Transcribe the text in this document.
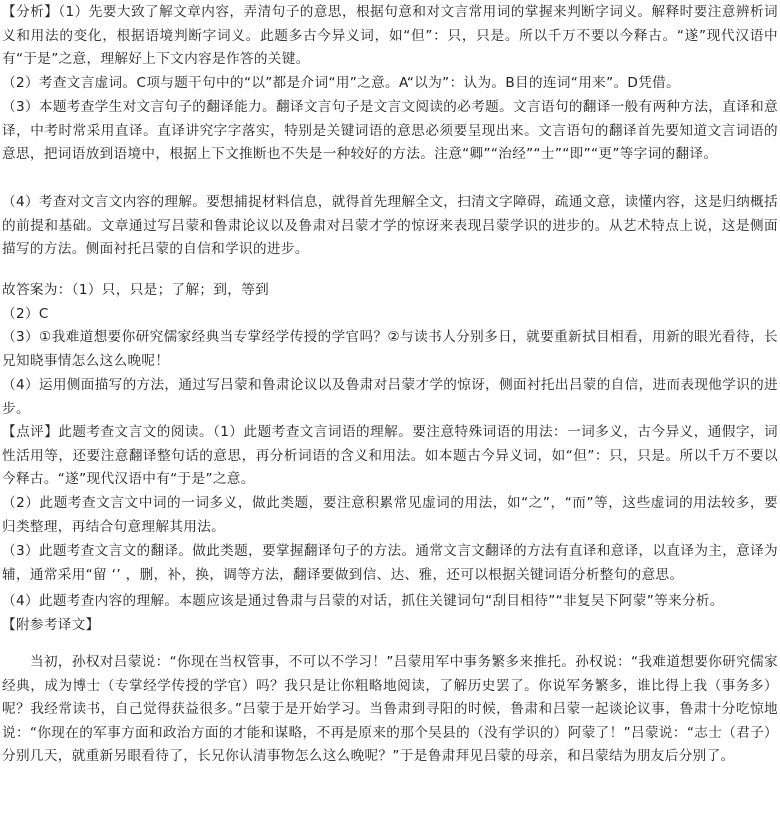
【分析】（1）先要大致了解文章内容，弄清句子的意思，根据句意和对文言常用词的掌握来判断字词义。解释时要注意辨析词义和用法的变化，根据语境判断字词义。此题多古今异义词，如“但”：只，只是。所以千万不要以今释古。“遂”现代汉语中有“于是”之意，理解好上下文内容是作答的关键。

（2）考查文言虚词。C项与题干句中的“以”都是介词“用”之意。A“以为”：认为。B目的连词“用来”。D凭借。

（3）本题考查学生对文言句子的翻译能力。翻译文言句子是文言文阅读的必考题。文言语句的翻译一般有两种方法，直译和意译，中考时常采用直译。直译讲究字字落实，特别是关键词语的意思必须要呈现出来。文言语句的翻译首先要知道文言词语的意思，把词语放到语境中，根据上下文推断也不失是一种较好的方法。注意“卿”“治经”“士”“即”“更”等字词的翻译。

（4）考查对文言文内容的理解。要想捕捉材料信息，就得首先理解全文，扫清文字障碍，疏通文意，读懂内容，这是归纳概括的前提和基础。文章通过写吕蒙和鲁肃论议以及鲁肃对吕蒙才学的惊讶来表现吕蒙学识的进步的。从艺术特点上说，这是侧面描写的方法。侧面衬托吕蒙的自信和学识的进步。

故答案为：（1）只，只是；了解；到，等到

（2）C

（3）①我难道想要你研究儒家经典当专掌经学传授的学官吗？②与读书人分别多日，就要重新拭目相看，用新的眼光看待，长兄知晓事情怎么这么晚呢！

（4）运用侧面描写的方法，通过写吕蒙和鲁肃论议以及鲁肃对吕蒙才学的惊讶，侧面衬托出吕蒙的自信，进而表现他学识的进步。

【点评】此题考查文言文的阅读。（1）此题考查文言词语的理解。要注意特殊词语的用法：一词多义，古今异义，通假字，词性活用等，还要注意翻译整句话的意思，再分析词语的含义和用法。如本题古今异义词，如“但”：只，只是。所以千万不要以今释古。“遂”现代汉语中有“于是”之意。

（2）此题考查文言文中词的一词多义，做此类题，要注意积累常见虚词的用法，如“之”，“而”等，这些虚词的用法较多，要归类整理，再结合句意理解其用法。

（3）此题考查文言文的翻译。做此类题，要掌握翻译句子的方法。通常文言文翻译的方法有直译和意译，以直译为主，意译为辅，通常采用“留 ‘’ ，删，补，换，调等方法，翻译要做到信、达、雅，还可以根据关键词语分析整句的意思。

（4）此题考查内容的理解。本题应该是通过鲁肃与吕蒙的对话，抓住关键词句“刮目相待”“非复吴下阿蒙”等来分析。

【附参考译文】

当初，孙权对吕蒙说：“你现在当权管事，不可以不学习！”吕蒙用军中事务繁多来推托。孙权说：“我难道想要你研究儒家经典，成为博士（专掌经学传授的学官）吗？我只是让你粗略地阅读，了解历史罢了。你说军务繁多，谁比得上我（事务多）呢？我经常读书，自己觉得获益很多。”吕蒙于是开始学习。当鲁肃到寻阳的时候，鲁肃和吕蒙一起谈论议事，鲁肃十分吃惊地说：“你现在的军事方面和政治方面的才能和谋略，不再是原来的那个吴县的（没有学识的）阿蒙了！”吕蒙说：“志士（君子）分别几天，就重新另眼看待了，长兄你认清事物怎么这么晚呢？”于是鲁肃拜见吕蒙的母亲，和吕蒙结为朋友后分别了。
